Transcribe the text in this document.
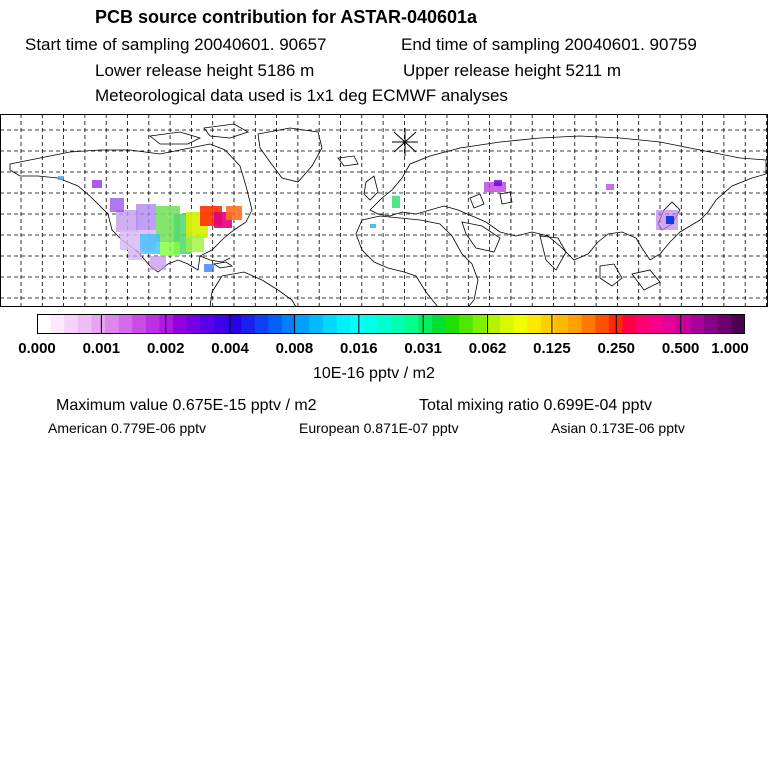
PCB source contribution for ASTAR-040601a
Start time of sampling 20040601. 90657	End time of sampling 20040601. 90759
Lower release height 5186 m	Upper release height 5211 m
Meteorological data used is 1x1 deg ECMWF analyses
0.000 0.001 0.002 0.004 0.008 0.016 0.031 0.062 0.125 0.250 0.500 1.000
10E-16 pptv / m2
Maximum value 0.675E-15 pptv / m2	Total mixing ratio 0.699E-04 pptv
American 0.779E-06 pptv	European 0.871E-07 pptv	Asian 0.173E-06 pptv
